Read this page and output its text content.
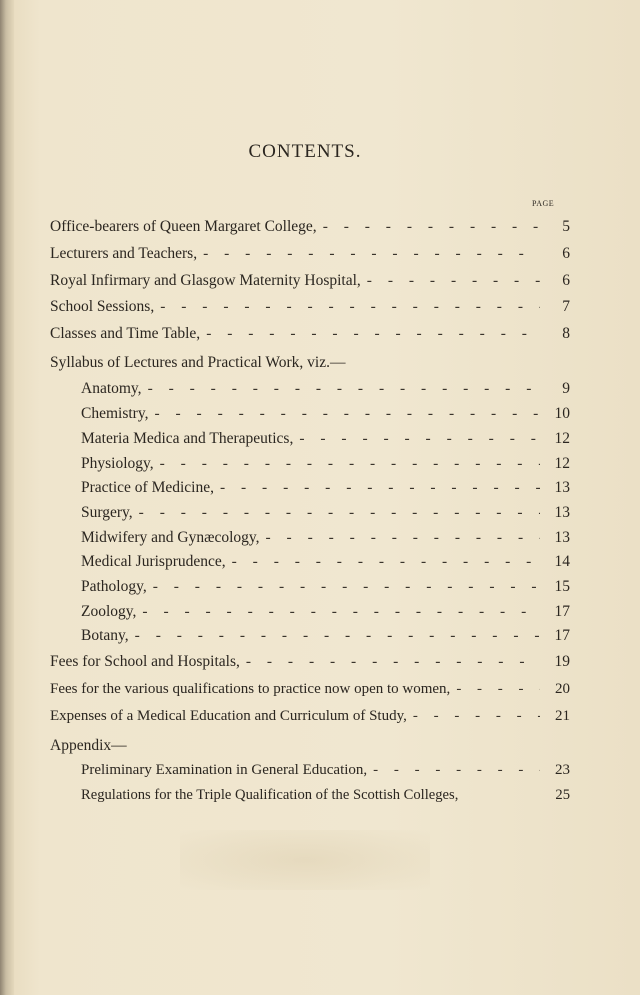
CONTENTS.
PAGE
Office-bearers of Queen Margaret College, - - -	5
Lecturers and Teachers, - - -	6
Royal Infirmary and Glasgow Maternity Hospital, - - -	6
School Sessions, - - -	7
Classes and Time Table, - - -	8
Syllabus of Lectures and Practical Work, viz.—
Anatomy, - - -	9
Chemistry, - - -	10
Materia Medica and Therapeutics, - - -	12
Physiology, - - -	12
Practice of Medicine, - - -	13
Surgery, - - -	13
Midwifery and Gynæcology, - - -	13
Medical Jurisprudence, - - -	14
Pathology, - - -	15
Zoology, - - -	17
Botany, - - -	17
Fees for School and Hospitals, - - -	19
Fees for the various qualifications to practice now open to women, - - -	20
Expenses of a Medical Education and Curriculum of Study, - - -	21
Appendix—
Preliminary Examination in General Education, - - -	23
Regulations for the Triple Qualification of the Scottish Colleges,	25
